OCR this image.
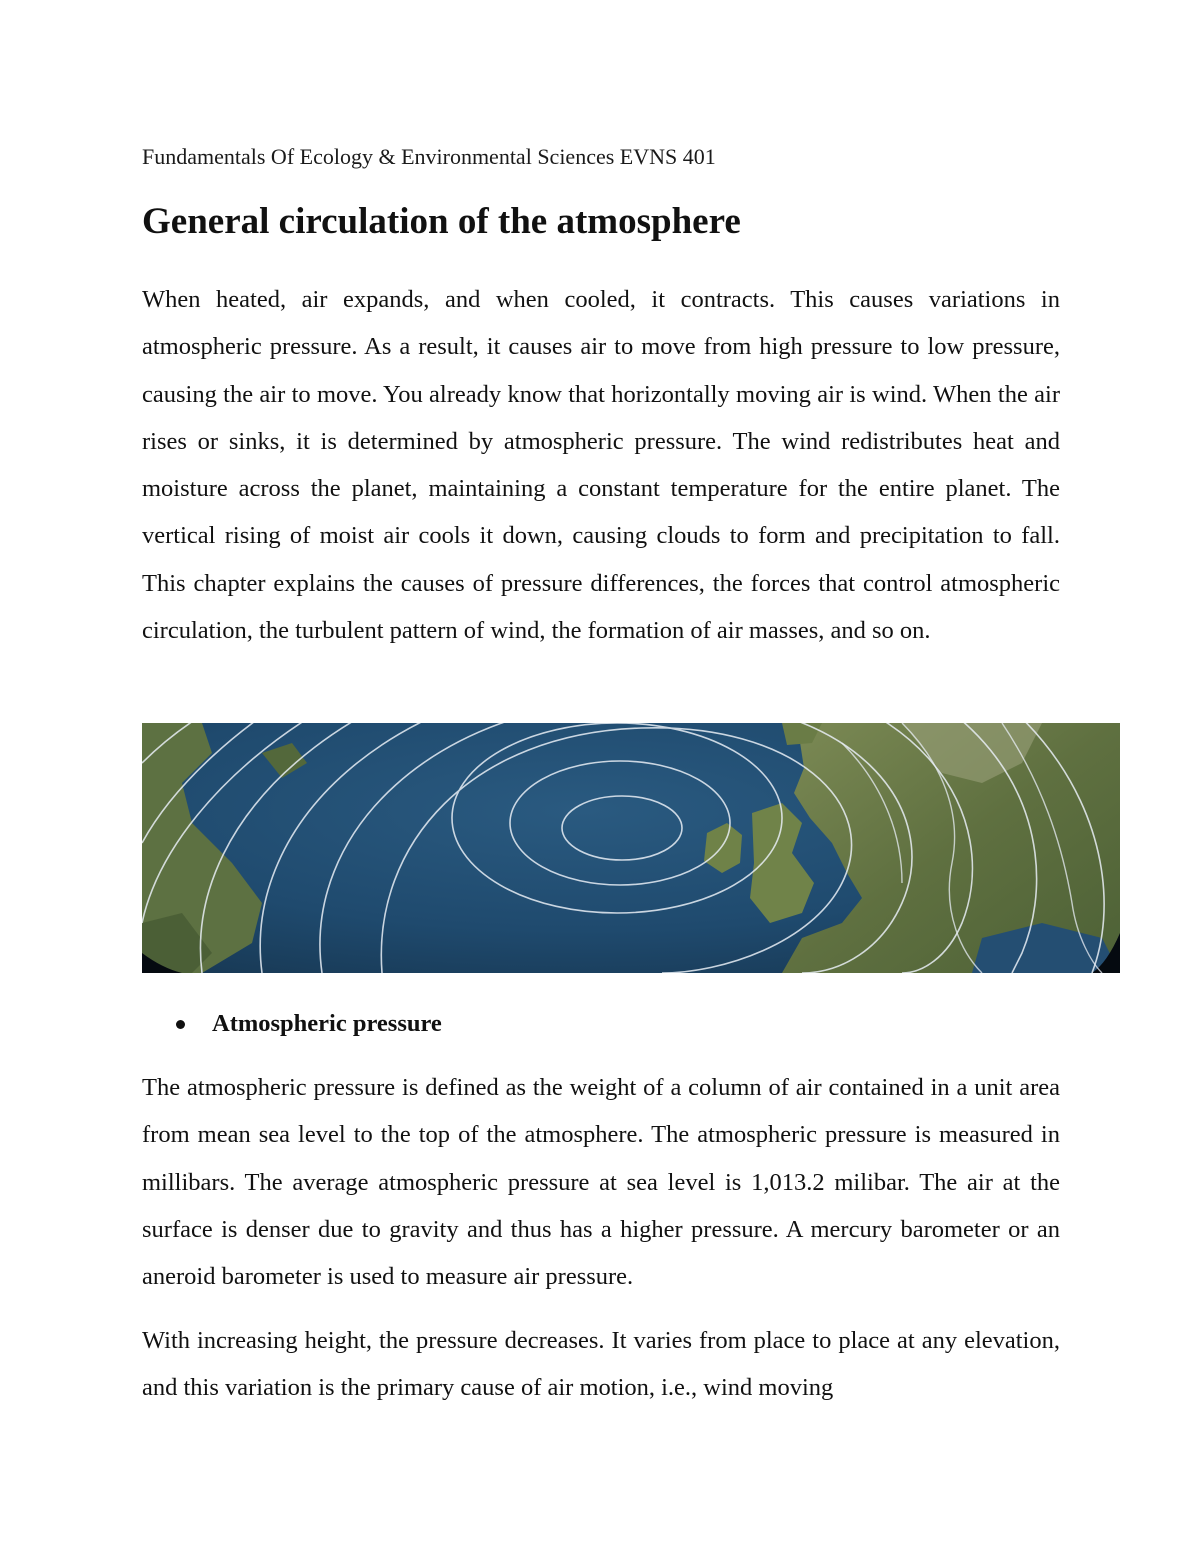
Fundamentals Of Ecology & Environmental Sciences EVNS 401
General circulation of the atmosphere

When heated, air expands, and when cooled, it contracts. This causes variations in atmospheric pressure. As a result, it causes air to move from high pressure to low pressure, causing the air to move. You already know that horizontally moving air is wind. When the air rises or sinks, it is determined by atmospheric pressure. The wind redistributes heat and moisture across the planet, maintaining a constant temperature for the entire planet. The vertical rising of moist air cools it down, causing clouds to form and precipitation to fall. This chapter explains the causes of pressure differences, the forces that control atmospheric circulation, the turbulent pattern of wind, the formation of air masses, and so on.

Atmospheric pressure

The atmospheric pressure is defined as the weight of a column of air contained in a unit area from mean sea level to the top of the atmosphere. The atmospheric pressure is measured in millibars. The average atmospheric pressure at sea level is 1,013.2 milibar. The air at the surface is denser due to gravity and thus has a higher pressure. A mercury barometer or an aneroid barometer is used to measure air pressure.

With increasing height, the pressure decreases. It varies from place to place at any elevation, and this variation is the primary cause of air motion, i.e., wind moving
